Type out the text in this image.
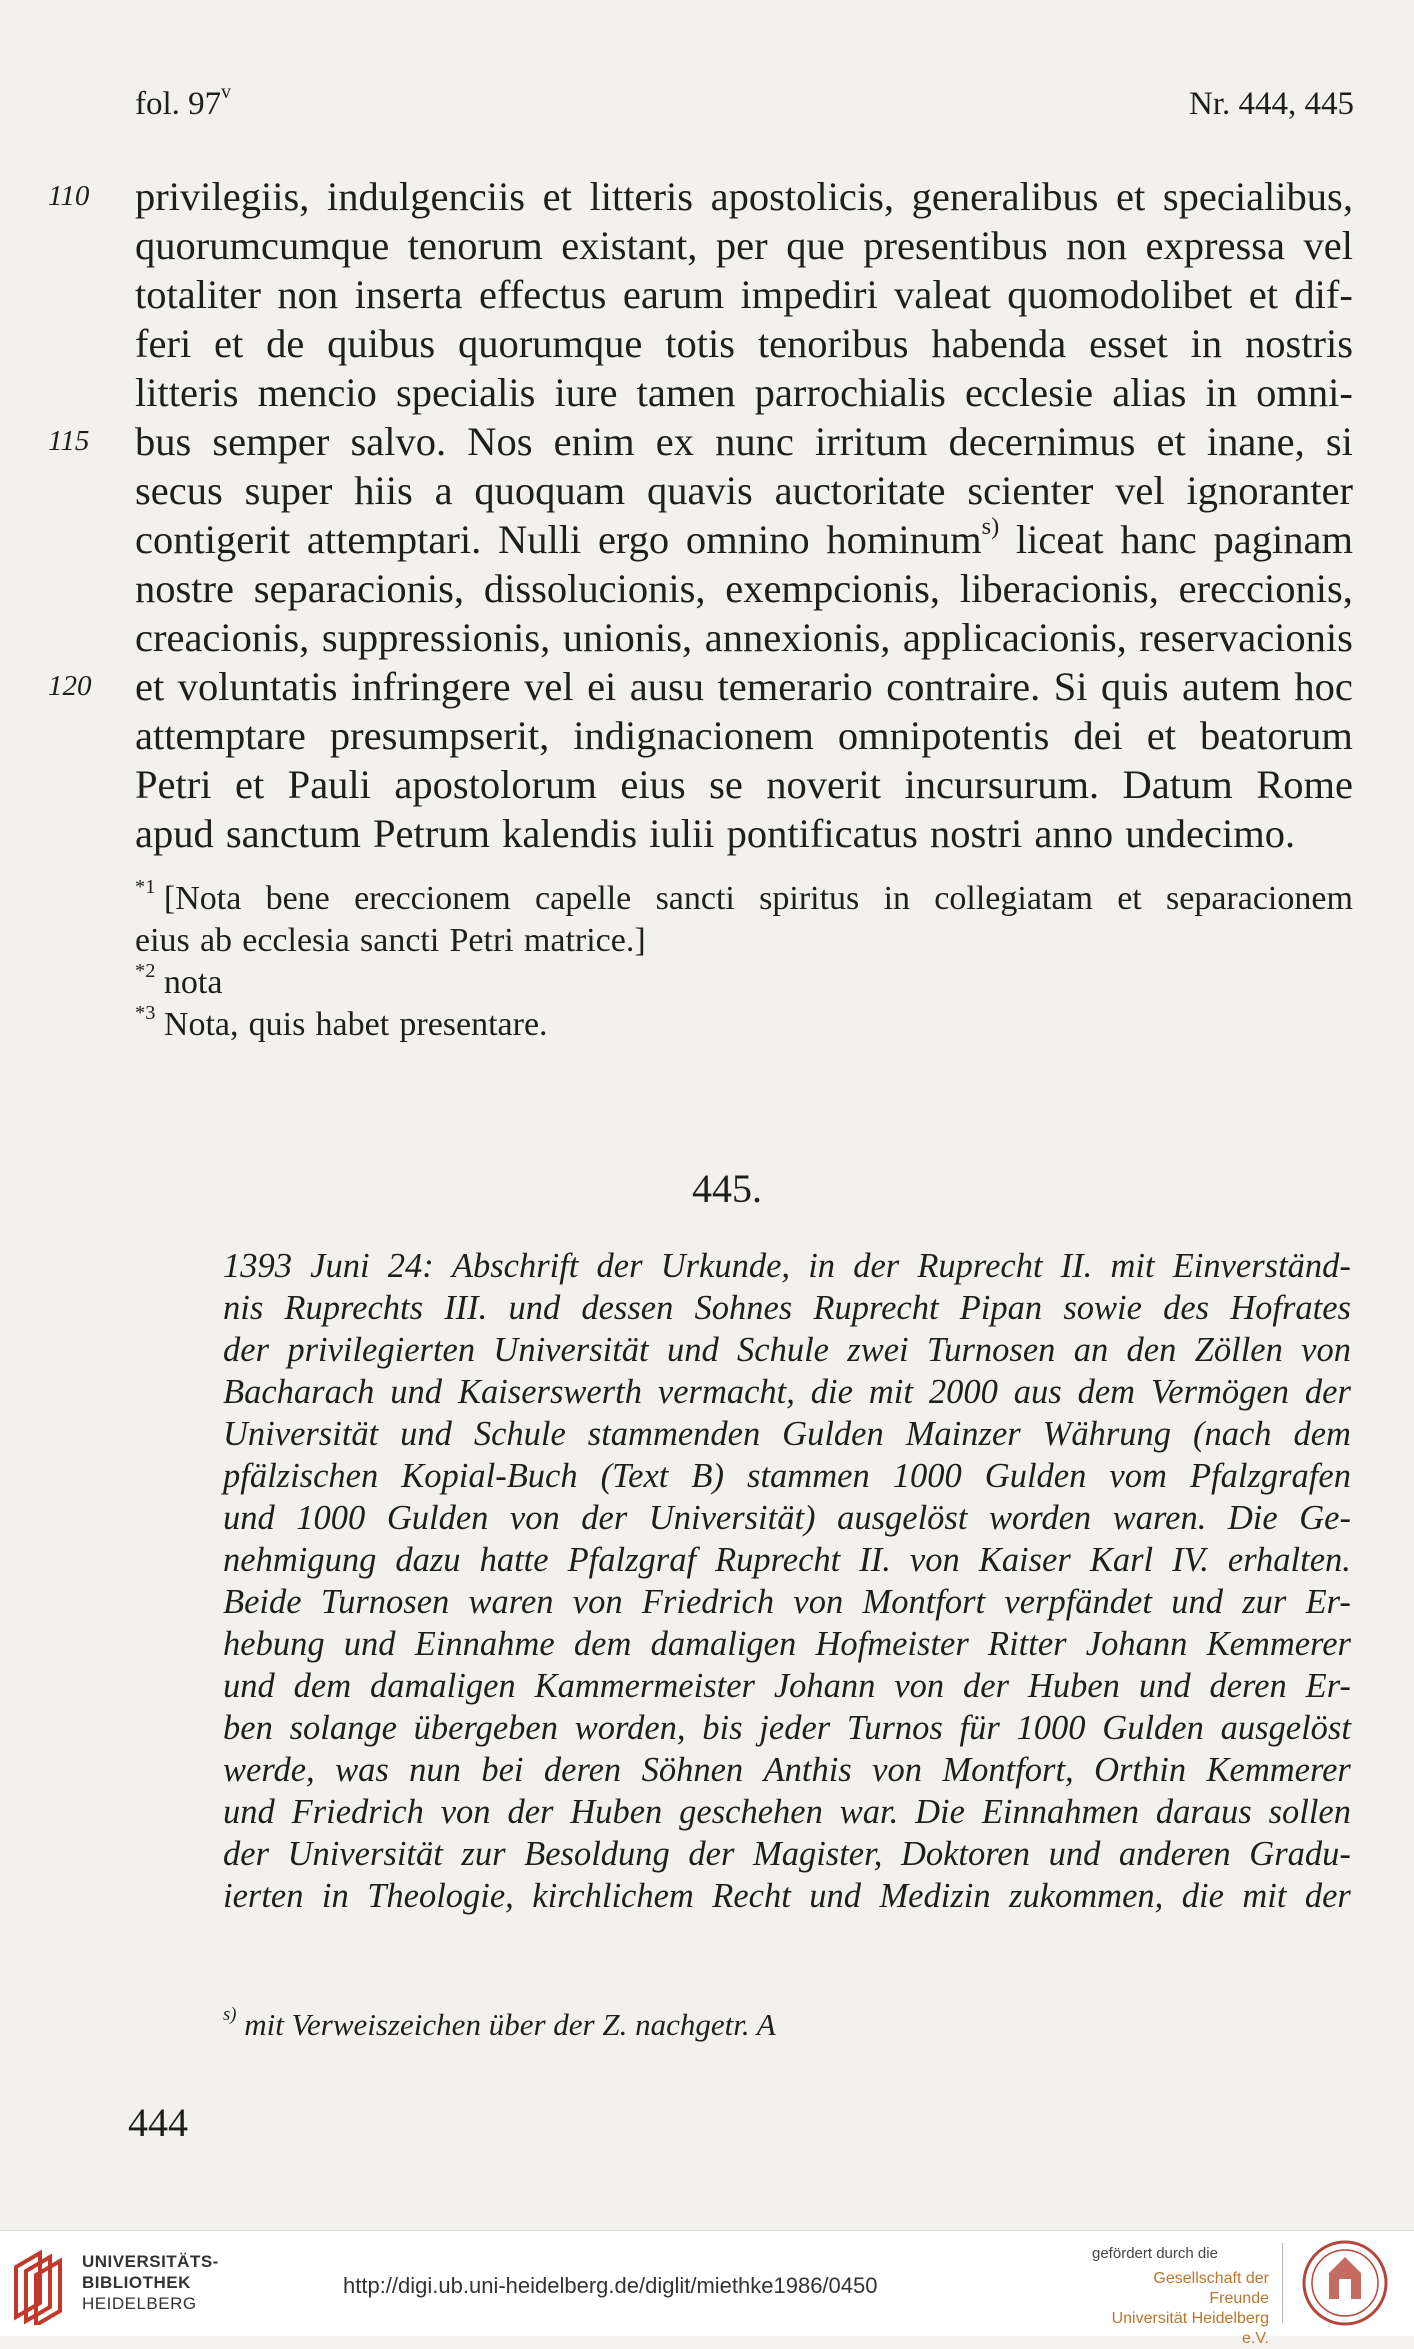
fol. 97$^v$	Nr. 444, 445
110
115
120
privilegiis, indulgenciis et litteris apostolicis, generalibus et specialibus,
quorumcumque tenorum existant, per que presentibus non expressa vel
totaliter non inserta effectus earum impediri valeat quomodolibet et dif-
feri et de quibus quorumque totis tenoribus habenda esset in nostris
litteris mencio specialis iure tamen parrochialis ecclesie alias in omni-
bus semper salvo. Nos enim ex nunc irritum decernimus et inane, si
secus super hiis a quoquam quavis auctoritate scienter vel ignoranter
contigerit attemptari. Nulli ergo omnino hominum$^{s)}$ liceat hanc paginam
nostre separacionis, dissolucionis, exempcionis, liberacionis, ereccionis,
creacionis, suppressionis, unionis, annexionis, applicacionis, reservacionis
et voluntatis infringere vel ei ausu temerario contraire. Si quis autem hoc
attemptare presumpserit, indignacionem omnipotentis dei et beatorum
Petri et Pauli apostolorum eius se noverit incursurum. Datum Rome
apud sanctum Petrum kalendis iulii pontificatus nostri anno undecimo.
$^{*1}$ [Nota bene ereccionem capelle sancti spiritus in collegiatam et separacionem
eius ab ecclesia sancti Petri matrice.]
$^{*2}$ nota
$^{*3}$ Nota, quis habet presentare.
445.
1393 Juni 24: Abschrift der Urkunde, in der Ruprecht II. mit Einverständ-
nis Ruprechts III. und dessen Sohnes Ruprecht Pipan sowie des Hofrates
der privilegierten Universität und Schule zwei Turnosen an den Zöllen von
Bacharach und Kaiserswerth vermacht, die mit 2000 aus dem Vermögen der
Universität und Schule stammenden Gulden Mainzer Währung (nach dem
pfälzischen Kopial-Buch (Text B) stammen 1000 Gulden vom Pfalzgrafen
und 1000 Gulden von der Universität) ausgelöst worden waren. Die Ge-
nehmigung dazu hatte Pfalzgraf Ruprecht II. von Kaiser Karl IV. erhalten.
Beide Turnosen waren von Friedrich von Montfort verpfändet und zur Er-
hebung und Einnahme dem damaligen Hofmeister Ritter Johann Kemmerer
und dem damaligen Kammermeister Johann von der Huben und deren Er-
ben solange übergeben worden, bis jeder Turnos für 1000 Gulden ausgelöst
werde, was nun bei deren Söhnen Anthis von Montfort, Orthin Kemmerer
und Friedrich von der Huben geschehen war. Die Einnahmen daraus sollen
der Universität zur Besoldung der Magister, Doktoren und anderen Gradu-
ierten in Theologie, kirchlichem Recht und Medizin zukommen, die mit der
$^{s)}$ mit Verweiszeichen über der Z. nachgetr. A
444
UNIVERSITÄTS-
BIBLIOTHEK
HEIDELBERG
http://digi.ub.uni-heidelberg.de/diglit/miethke1986/0450
gefördert durch die
Gesellschaft der Freunde
Universität Heidelberg e.V.
